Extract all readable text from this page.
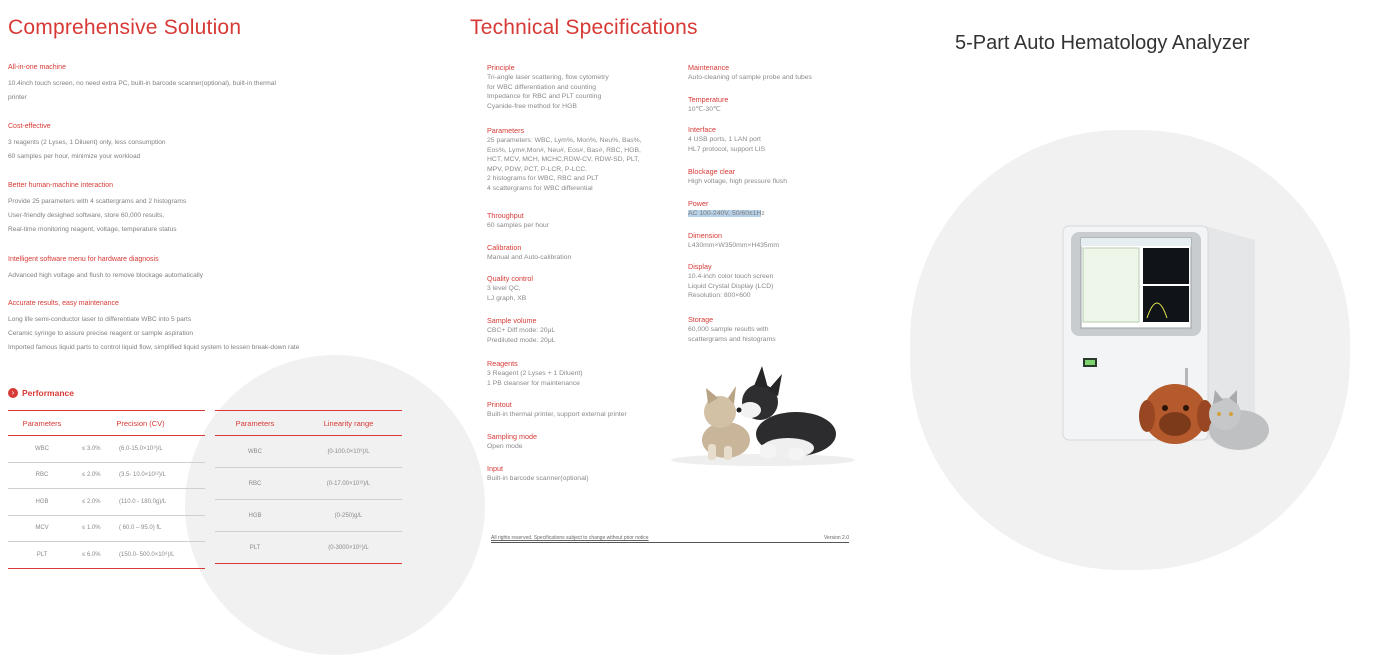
Comprehensive Solution
All-in-one machine
10.4inch touch screen, no need extra PC, built-in barcode scanner(optional), built-in thermal
printer
Cost-effective
3 reagents (2 Lyses, 1 Diluent) only, less consumption
60 samples per hour, minimize your workload
Better human-machine interaction
Provide 25 parameters with 4 scattergrams and 2 histograms
User-friendly desighed software, store 60,000 results,
Real-time monitoring reagent, voltage, temperature status
Intelligent software menu for hardware diagnosis
Advanced high voltage and flush to remove blockage automatically
Accurate results, easy maintenance
Long life semi-conductor laser to differentiate WBC into 5 parts
Ceramic syringe to assure precise reagent or sample aspiration
Imported famous liquid parts to control liquid flow, simplified liquid system to lessen break-down rate
› Performance
Parameters	Precision (CV)	
WBC	≤ 3.0%	(6.0-15.0×10⁹)/L
RBC	≤ 2.0%	(3.5- 10.0×10¹²)/L
HGB	≤ 2.0%	(110.0 - 180.0g)/L
MCV	≤ 1.0%	( 60.0 – 95.0) fL
PLT	≤ 6.0%	(150.0- 500.0×10⁹)/L
Parameters	Linearity range
WBC	(0-100.0×10⁹)/L
RBC	(0-17.00×10¹²)/L
HGB	(0-250)g/L
PLT	(0-3000×10⁹)/L
Technical Specifications
Principle
Tri-angle laser scattering, flow cytometry
for WBC differentiation and counting
Impedance for RBC and PLT counting
Cyanide-free method for HGB
Parameters
25 parameters: WBC, Lym%, Mon%, Neu%, Bas%,
Eos%, Lym#,Mon#, Neu#, Eos#, Bas#, RBC, HGB,
HCT, MCV, MCH, MCHC,RDW-CV, RDW-SD, PLT,
MPV, PDW, PCT, P-LCR, P-LCC.
2 histograms for WBC, RBC and PLT
4 scattergrams for WBC differential
Throughput
60 samples per hour
Calibration
Manual and Auto-calibration
Quality control
3 level QC,
LJ graph, XB
Sample volume
CBC+ Diff mode: 20μL
Prediluted mode: 20μL
Reagents
3 Reagent (2 Lyses + 1 Diluent)
1 PB cleanser for maintenance
Printout
Built-in thermal printer, support external printer
Sampling mode
Open mode
Input
Built-in barcode scanner(optional)
Maintenance
Auto-cleaning of sample probe and tubes
Temperature
10℃-30℃
Interface
4 USB ports, 1 LAN port
HL7 protocol, support LIS
Blockage clear
High voltage, high pressure flush
Power
AC 100-240V, 50/60±1Hz
Dimension
L430mm×W350mm×H435mm
Display
10.4-inch color touch screen
Liquid Crystal Display (LCD)
Resolution: 800×600
Storage
60,000 sample results with
scattergrams and histograms
All rights reserved. Specifications subject to change without prior notice	Version 2.0
5-Part Auto Hematology Analyzer
